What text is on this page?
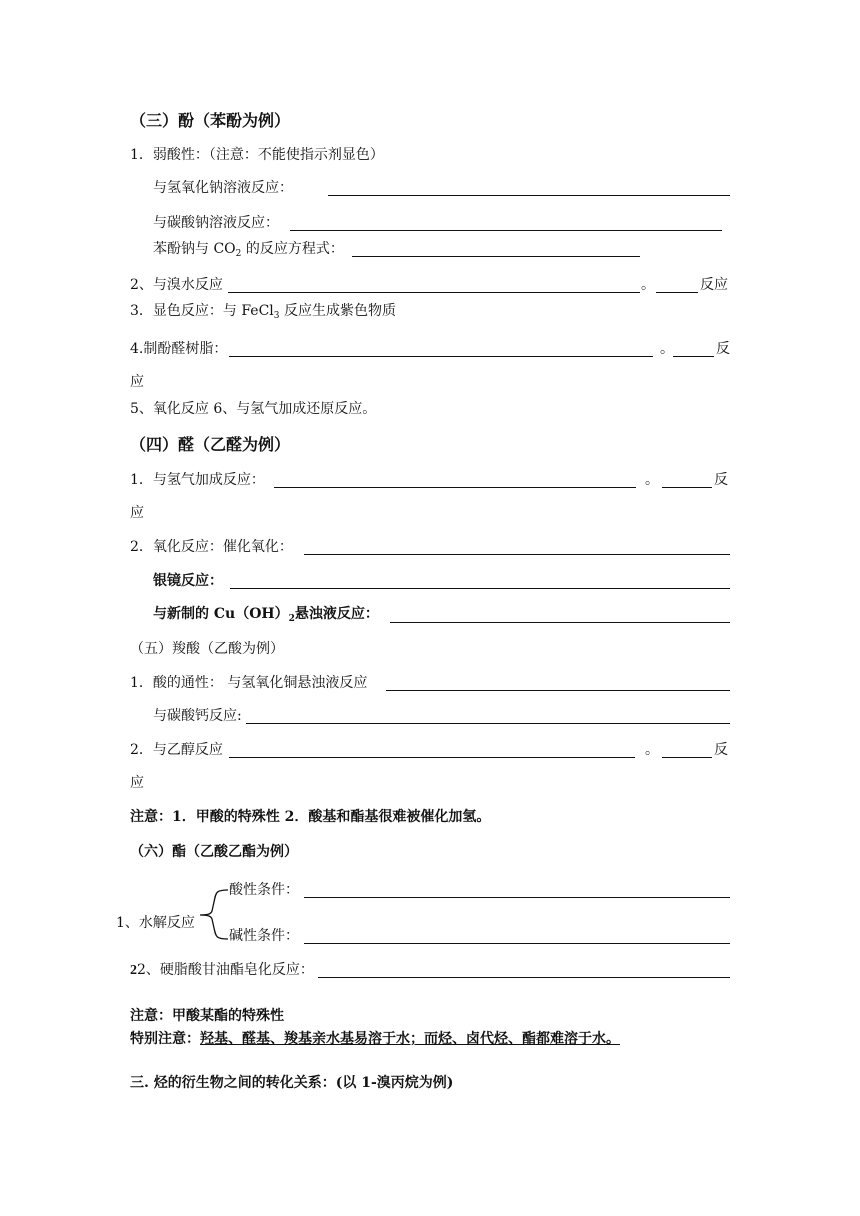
（三）酚（苯酚为例）
1．弱酸性：（注意：不能使指示剂显色）
与氢氧化钠溶液反应：
与碳酸钠溶液反应：
苯酚钠与 $CO_2$ 的反应方程式：
2、与溴水反应	。	反应
3．显色反应：与 FeCl$_3$ 反应生成紫色物质
4.制酚醛树脂：	。	反
应
5、氧化反应 6、与氢气加成还原反应。
（四）醛（乙醛为例）
1．与氢气加成反应：	。	反
应
2．氧化反应：催化氧化：
银镜反应：
与新制的 $Cu(OH)_2$悬浊液反应：
（五）羧酸（乙酸为例）
1．酸的通性： 与氢氧化铜悬浊液反应
与碳酸钙反应:
2．与乙醇反应	。	反
应
注意：1．甲酸的特殊性 2．酸基和酯基很难被催化加氢。
（六）酯（乙酸乙酯为例）
酸性条件：
1、水解反应
碱性条件：
22、硬脂酸甘油酯皂化反应：
注意：甲酸某酯的特殊性
特别注意：羟基、醛基、羧基亲水基易溶于水；而烃、卤代烃、酯都难溶于水。
三. 烃的衍生物之间的转化关系：(以 1-溴丙烷为例)
